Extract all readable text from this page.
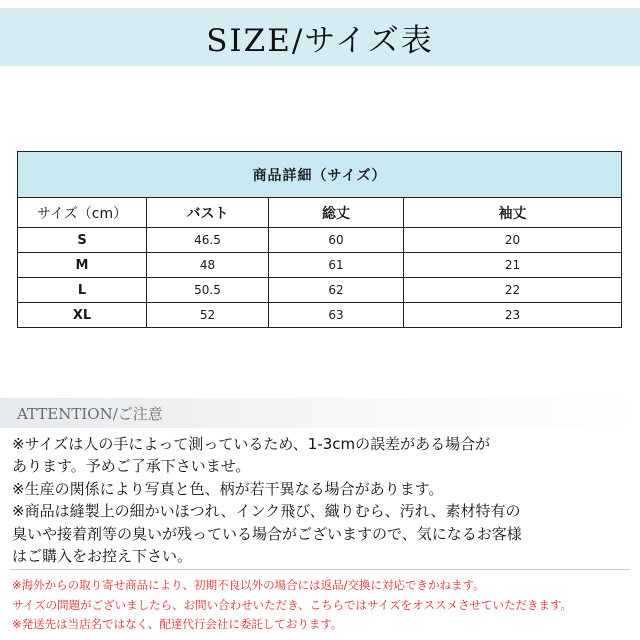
SIZE/サイズ表
商品詳細（サイズ）			
サイズ（cm）	バスト	総丈	袖丈
S	46.5	60	20
M	48	61	21
L	50.5	62	22
XL	52	63	23
ATTENTION/ご注意
※サイズは人の手によって測っているため、1-3cmの誤差がある場合が
あります。予めご了承下さいませ。
※生産の関係により写真と色、柄が若干異なる場合があります。
※商品は縫製上の細かいほつれ、インク飛び、織りむら、汚れ、素材特有の
臭いや接着剤等の臭いが残っている場合がございますので、気になるお客様
はご購入をお控え下さい。
※海外からの取り寄せ商品により、初期不良以外の場合には返品/交換に対応できかねます。
サイズの問題がございましたら、お問い合わせいただき、こちらではサイズをオススメさせていただきます。
※発送先は当店名ではなく、配達代行会社に委託しております。
